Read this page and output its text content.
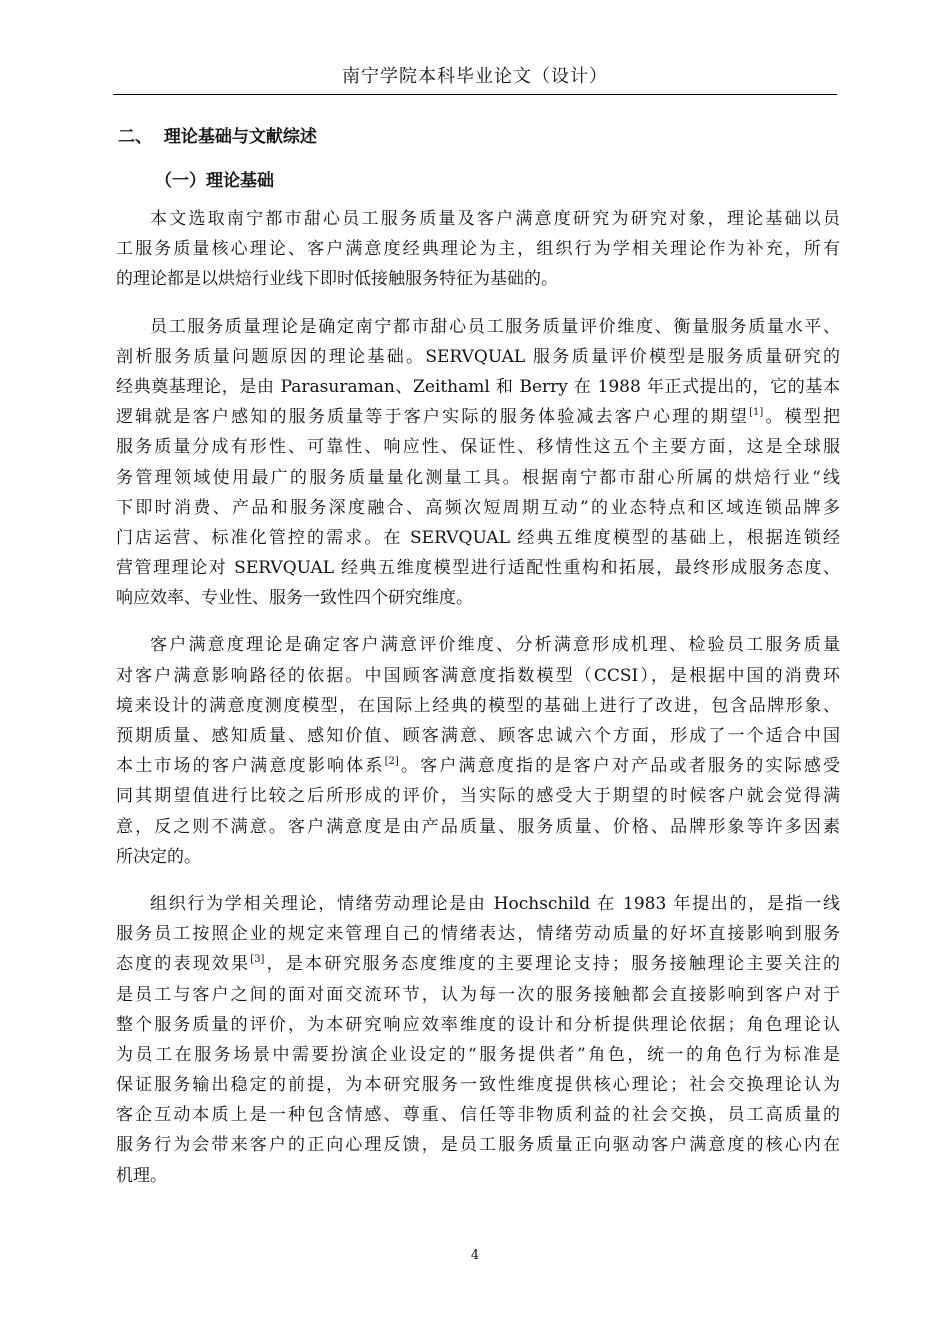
南宁学院本科毕业论文（设计）
二、  理论基础与文献综述
（一）理论基础
本文选取南宁都市甜心员工服务质量及客户满意度研究为研究对象，理论基础以员
工服务质量核心理论、客户满意度经典理论为主，组织行为学相关理论作为补充，所有
的理论都是以烘焙行业线下即时低接触服务特征为基础的。
员工服务质量理论是确定南宁都市甜心员工服务质量评价维度、衡量服务质量水平、
剖析服务质量问题原因的理论基础。SERVQUAL 服务质量评价模型是服务质量研究的
经典奠基理论，是由 Parasuraman、Zeithaml 和 Berry 在 1988 年正式提出的，它的基本
逻辑就是客户感知的服务质量等于客户实际的服务体验减去客户心理的期望[1]。模型把
服务质量分成有形性、可靠性、响应性、保证性、移情性这五个主要方面，这是全球服
务管理领域使用最广的服务质量量化测量工具。根据南宁都市甜心所属的烘焙行业“线
下即时消费、产品和服务深度融合、高频次短周期互动”的业态特点和区域连锁品牌多
门店运营、标准化管控的需求。在 SERVQUAL 经典五维度模型的基础上，根据连锁经
营管理理论对 SERVQUAL 经典五维度模型进行适配性重构和拓展，最终形成服务态度、
响应效率、专业性、服务一致性四个研究维度。
客户满意度理论是确定客户满意评价维度、分析满意形成机理、检验员工服务质量
对客户满意影响路径的依据。中国顾客满意度指数模型（CCSI），是根据中国的消费环
境来设计的满意度测度模型，在国际上经典的模型的基础上进行了改进，包含品牌形象、
预期质量、感知质量、感知价值、顾客满意、顾客忠诚六个方面，形成了一个适合中国
本土市场的客户满意度影响体系[2]。客户满意度指的是客户对产品或者服务的实际感受
同其期望值进行比较之后所形成的评价，当实际的感受大于期望的时候客户就会觉得满
意，反之则不满意。客户满意度是由产品质量、服务质量、价格、品牌形象等许多因素
所决定的。
组织行为学相关理论，情绪劳动理论是由 Hochschild 在 1983 年提出的，是指一线
服务员工按照企业的规定来管理自己的情绪表达，情绪劳动质量的好坏直接影响到服务
态度的表现效果[3]，是本研究服务态度维度的主要理论支持；服务接触理论主要关注的
是员工与客户之间的面对面交流环节，认为每一次的服务接触都会直接影响到客户对于
整个服务质量的评价，为本研究响应效率维度的设计和分析提供理论依据；角色理论认
为员工在服务场景中需要扮演企业设定的“服务提供者”角色，统一的角色行为标准是
保证服务输出稳定的前提，为本研究服务一致性维度提供核心理论；社会交换理论认为
客企互动本质上是一种包含情感、尊重、信任等非物质利益的社会交换，员工高质量的
服务行为会带来客户的正向心理反馈，是员工服务质量正向驱动客户满意度的核心内在
机理。
4
